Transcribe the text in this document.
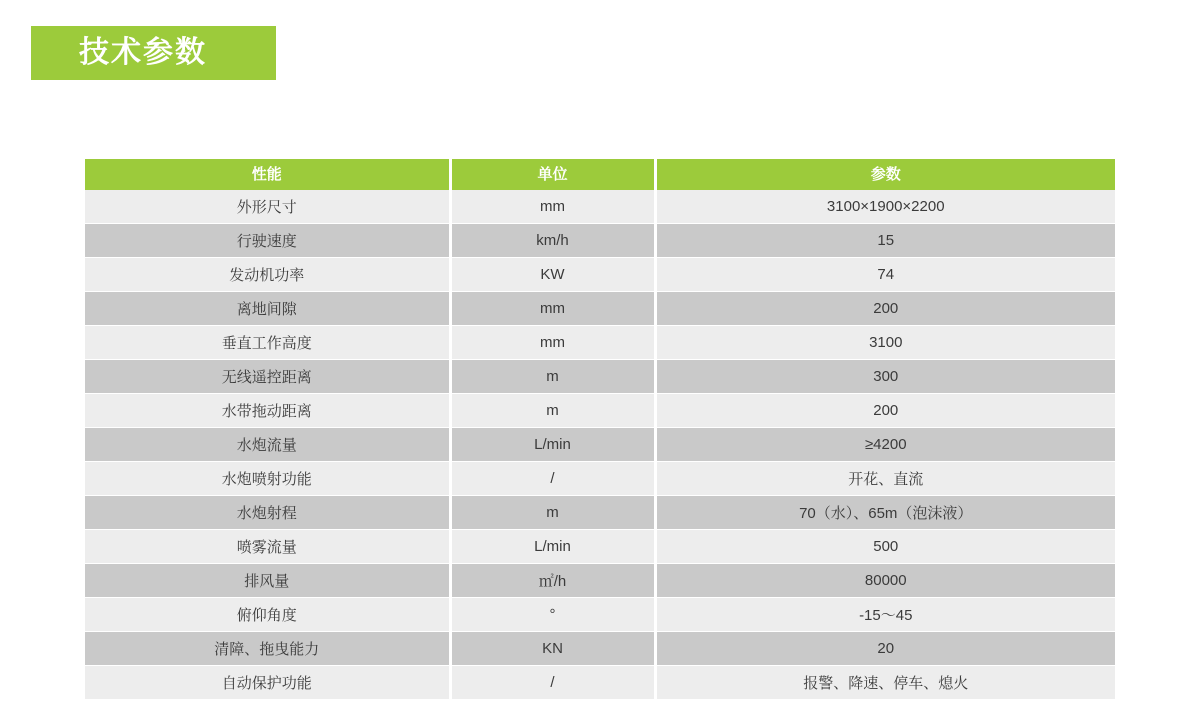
技术参数
性能	单位	参数
外形尺寸	mm	3100×1900×2200
行驶速度	km/h	15
发动机功率	KW	74
离地间隙	mm	200
垂直工作高度	mm	3100
无线遥控距离	m	300
水带拖动距离	m	200
水炮流量	L/min	≥4200
水炮喷射功能	/	开花、直流
水炮射程	m	70（水）、65m（泡沫液）
喷雾流量	L/min	500
排风量	㎡/h	80000
俯仰角度	°	-15～45
清障、拖曳能力	KN	20
自动保护功能	/	报警、降速、停车、熄火
